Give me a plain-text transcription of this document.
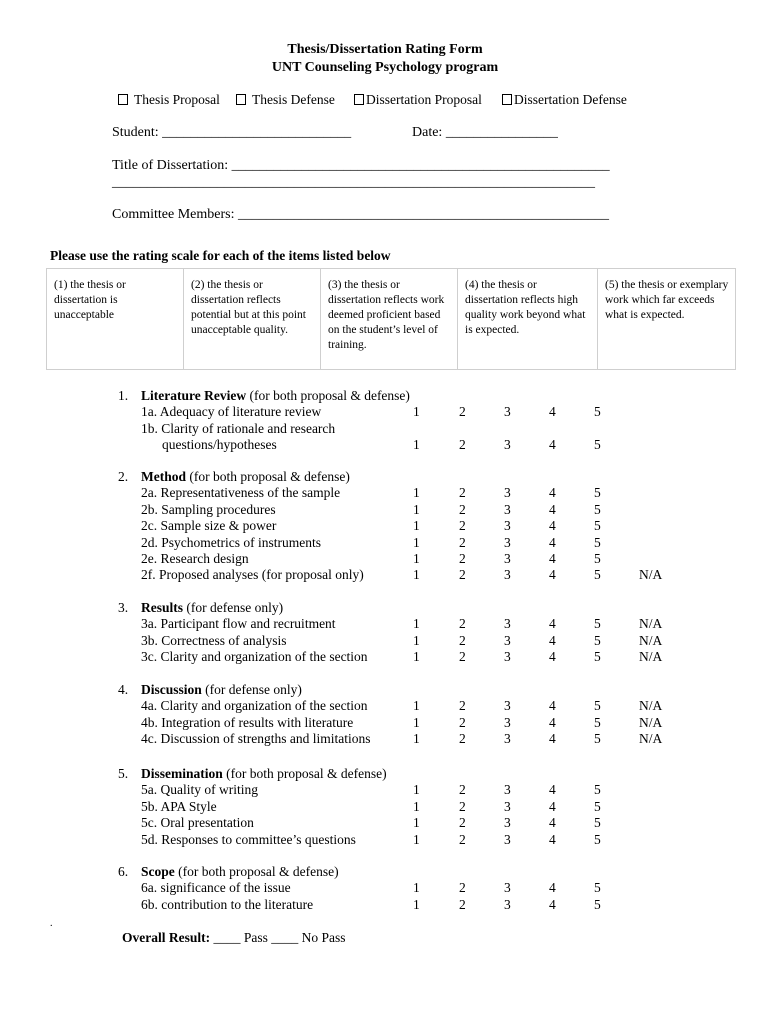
Thesis/Dissertation Rating Form
UNT Counseling Psychology program
Thesis Proposal	Thesis Defense	Dissertation Proposal	Dissertation Defense
Student: ___________________________	Date: ________________
Title of Dissertation: ______________________________________________________
_____________________________________________________________________
Committee Members: _____________________________________________________
Please use the rating scale for each of the items listed below
(1) the thesis or dissertation is unacceptable
(2) the thesis or dissertation reflects potential but at this point unacceptable quality.
(3) the thesis or dissertation reflects work deemed proficient based on the student’s level of training.
(4) the thesis or dissertation reflects high quality work beyond what is expected.
(5) the thesis or exemplary work which far exceeds what is expected.
1. Literature Review (for both proposal & defense)
1a. Adequacy of literature review	1	2	3	4	5
1b. Clarity of rationale and research
questions/hypotheses	1	2	3	4	5
2. Method (for both proposal & defense)
2a. Representativeness of the sample	1	2	3	4	5
2b. Sampling procedures	1	2	3	4	5
2c. Sample size & power	1	2	3	4	5
2d. Psychometrics of instruments	1	2	3	4	5
2e. Research design	1	2	3	4	5
2f. Proposed analyses (for proposal only)	1	2	3	4	5	N/A
3. Results (for defense only)
3a. Participant flow and recruitment	1	2	3	4	5	N/A
3b. Correctness of analysis	1	2	3	4	5	N/A
3c. Clarity and organization of the section	1	2	3	4	5	N/A
4. Discussion (for defense only)
4a. Clarity and organization of the section	1	2	3	4	5	N/A
4b. Integration of results with literature	1	2	3	4	5	N/A
4c. Discussion of strengths and limitations	1	2	3	4	5	N/A
5. Dissemination (for both proposal & defense)
5a. Quality of writing	1	2	3	4	5
5b. APA Style	1	2	3	4	5
5c. Oral presentation	1	2	3	4	5
5d. Responses to committee’s questions	1	2	3	4	5
6. Scope (for both proposal & defense)
6a. significance of the issue	1	2	3	4	5
6b. contribution to the literature	1	2	3	4	5
.
Overall Result: ____ Pass ____ No Pass
